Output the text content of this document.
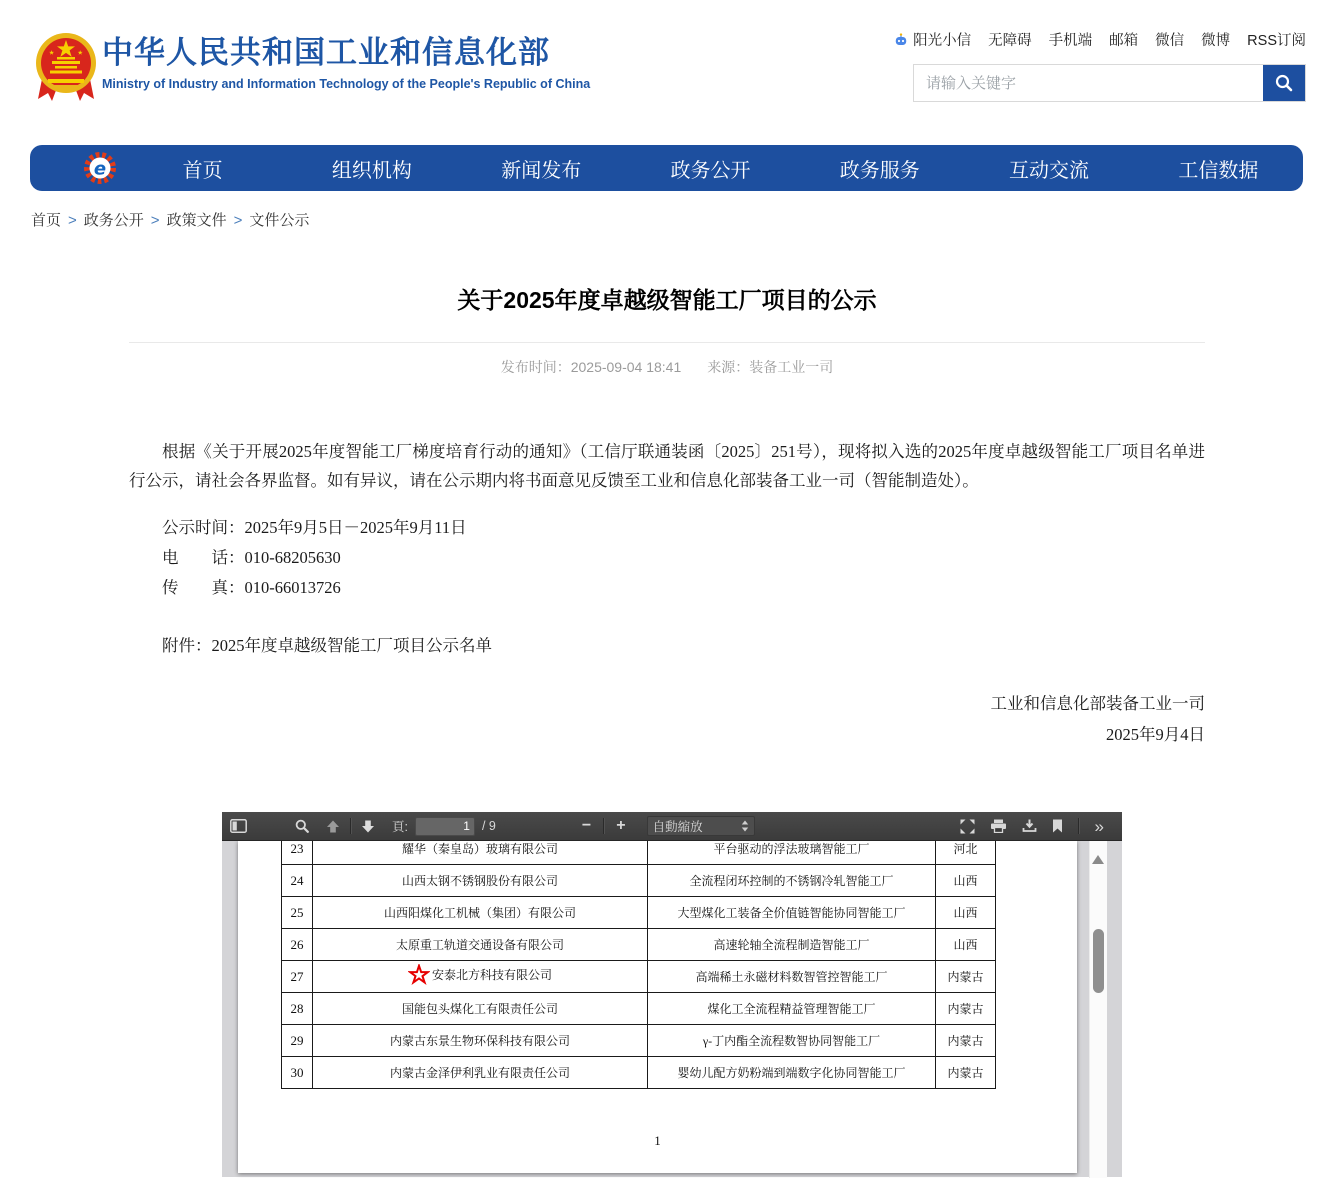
中华人民共和国工业和信息化部
Ministry of Industry and Information Technology of the People's Republic of China
阳光小信 无障碍 手机端 邮箱 微信 微博 RSS订阅
请输入关键字
e	首页	组织机构	新闻发布	政务公开	政务服务	互动交流	工信数据
首页 > 政务公开 > 政策文件 > 文件公示
关于2025年度卓越级智能工厂项目的公示
发布时间：2025-09-04 18:41 来源：装备工业一司

根据《关于开展2025年度智能工厂梯度培育行动的通知》（工信厅联通装函〔2025〕251号），现将拟入选的2025年度卓越级智能工厂项目名单进行公示，请社会各界监督。如有异议，请在公示期内将书面意见反馈至工业和信息化部装备工业一司（智能制造处）。

公示时间：2025年9月5日－2025年9月11日
电　　话：010-68205630
传　　真：010-66013726
附件：2025年度卓越级智能工厂项目公示名单
工业和信息化部装备工业一司
2025年9月4日
頁:
1	/ 9	− + 自動縮放	»
23	耀华（秦皇岛）玻璃有限公司	平台驱动的浮法玻璃智能工厂	河北
24	山西太钢不锈钢股份有限公司	全流程闭环控制的不锈钢冷轧智能工厂	山西
25	山西阳煤化工机械（集团）有限公司	大型煤化工装备全价值链智能协同智能工厂	山西
26	太原重工轨道交通设备有限公司	高速轮轴全流程制造智能工厂	山西
27	安泰北方科技有限公司	高端稀土永磁材料数智管控智能工厂	内蒙古
28	国能包头煤化工有限责任公司	煤化工全流程精益管理智能工厂	内蒙古
29	内蒙古东景生物环保科技有限公司	γ-丁内酯全流程数智协同智能工厂	内蒙古
30	内蒙古金泽伊利乳业有限责任公司	婴幼儿配方奶粉端到端数字化协同智能工厂	内蒙古
1
